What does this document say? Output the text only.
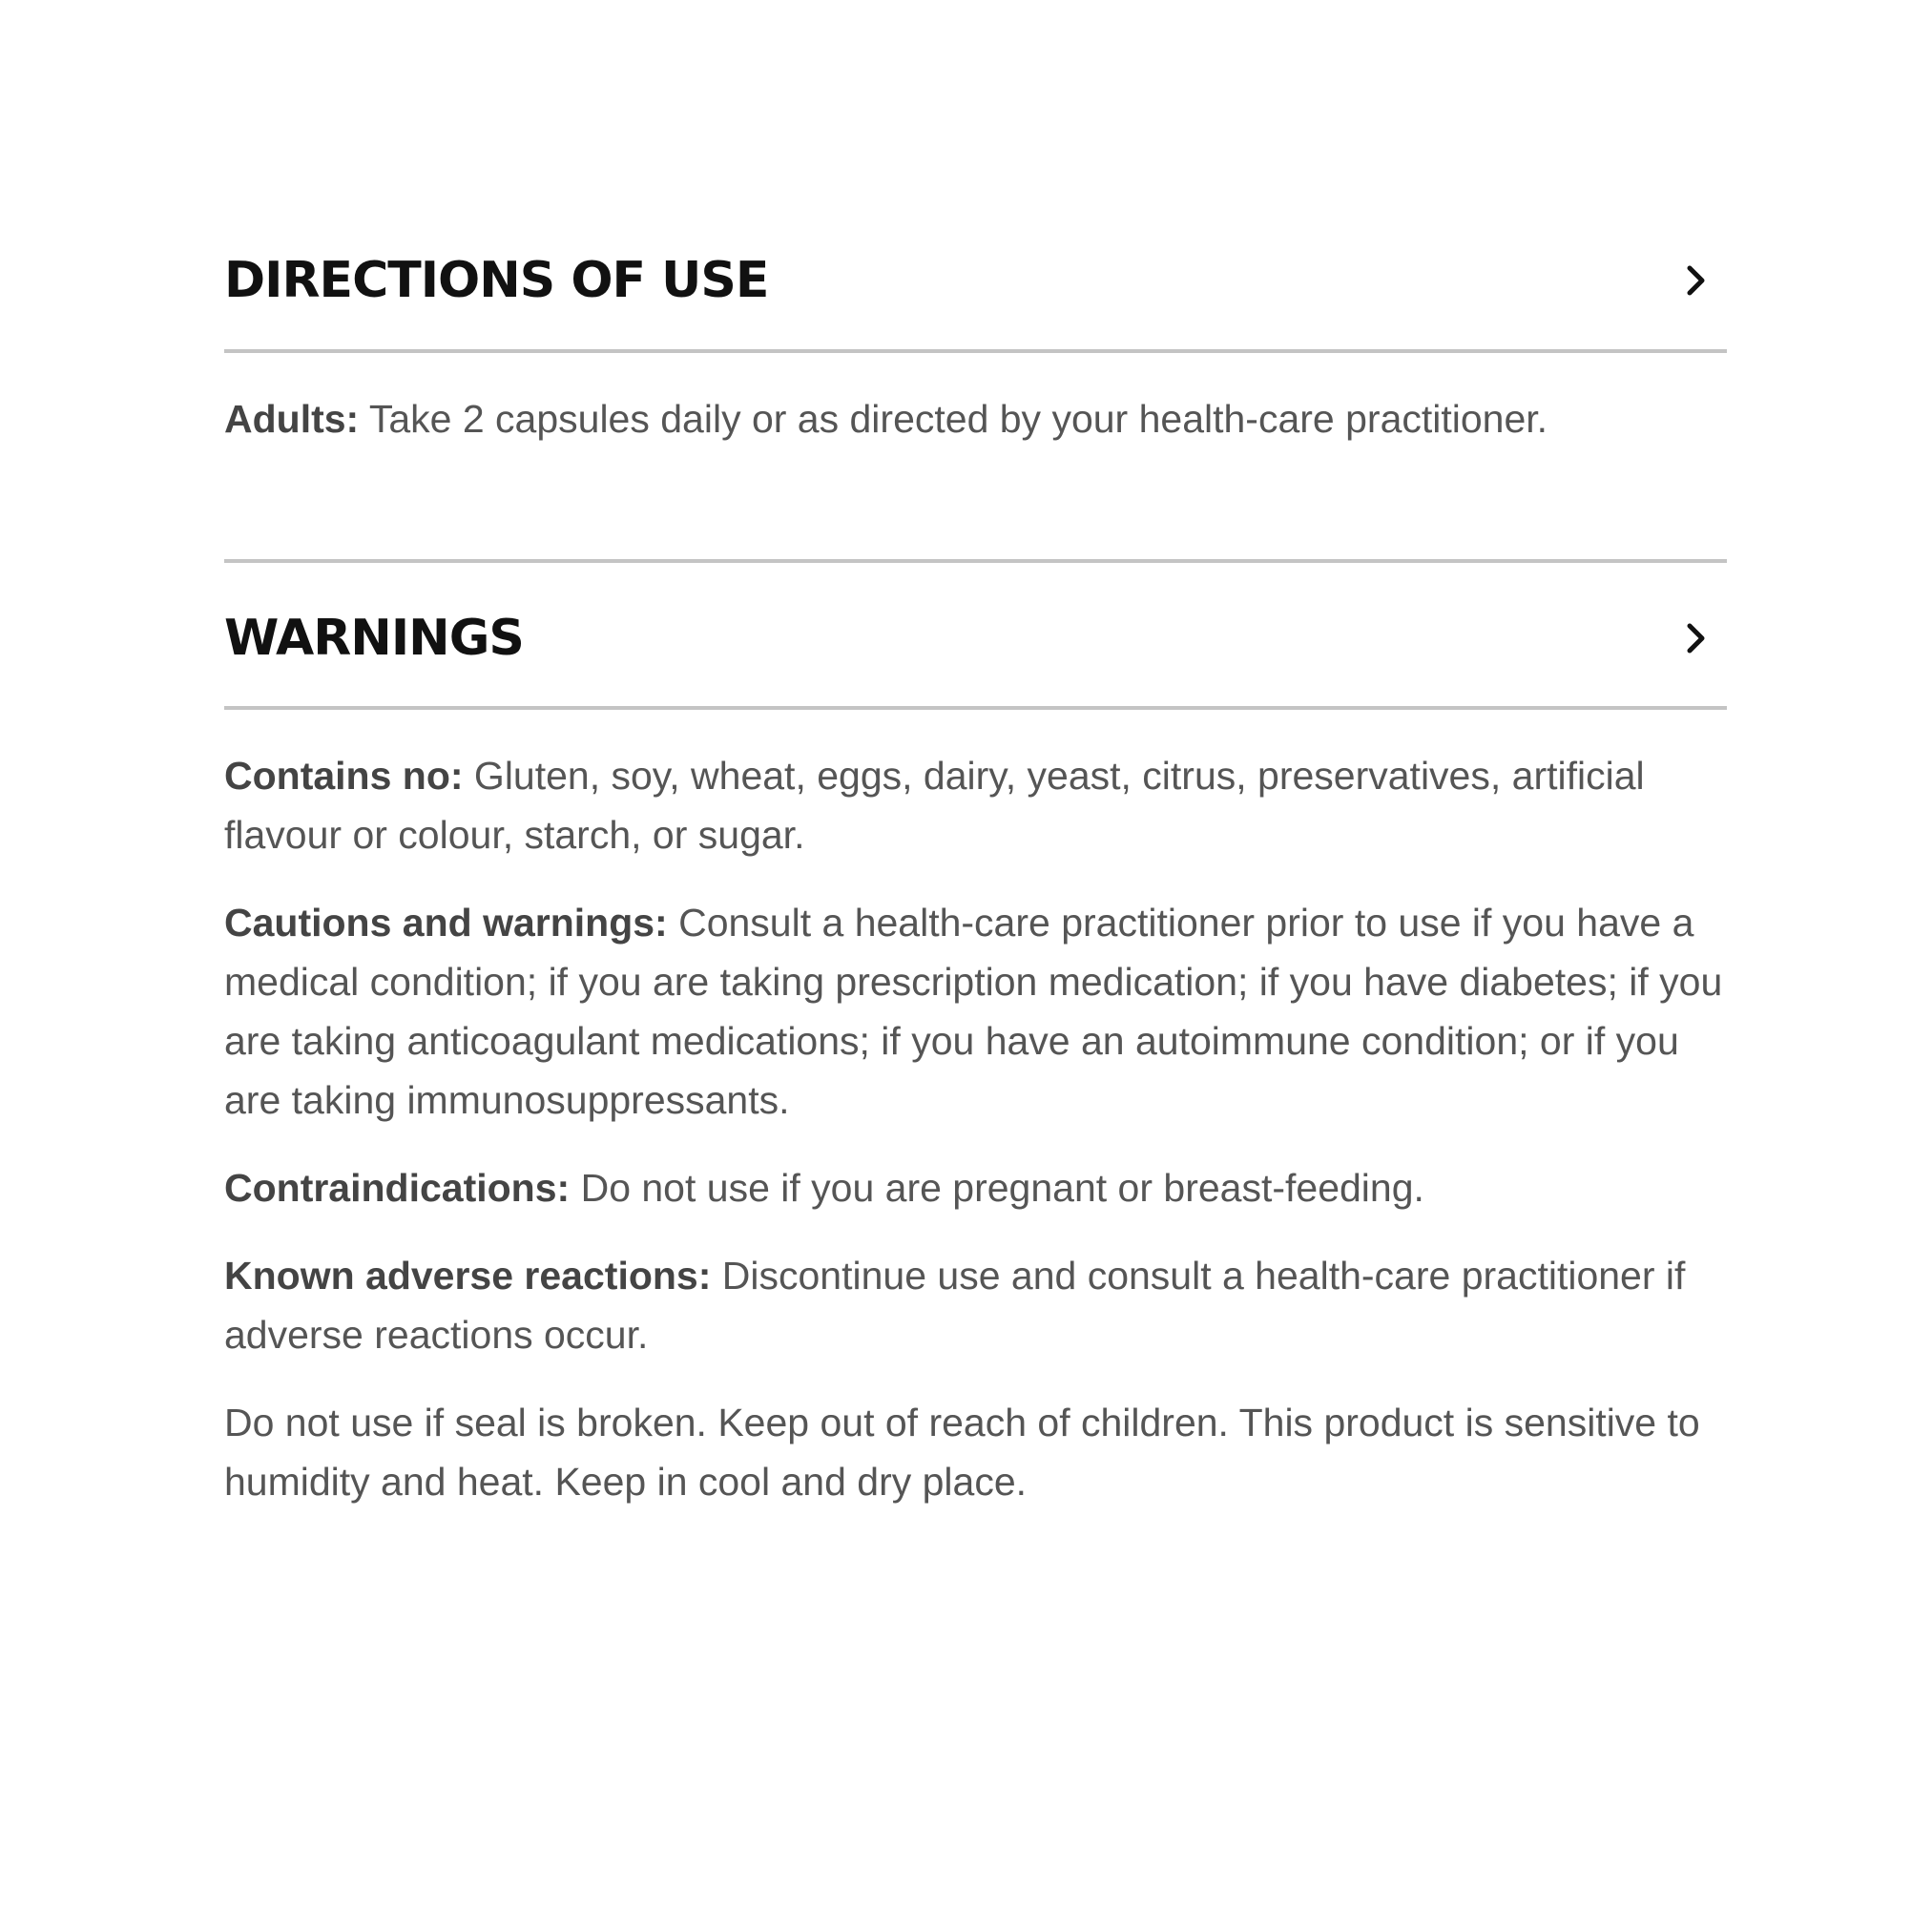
DIRECTIONS OF USE

Adults: Take 2 capsules daily or as directed by your health-care practitioner.

WARNINGS

Contains no: Gluten, soy, wheat, eggs, dairy, yeast, citrus, preservatives, artificial flavour or colour, starch, or sugar.

Cautions and warnings: Consult a health-care practitioner prior to use if you have a medical condition; if you are taking prescription medication; if you have diabetes; if you are taking anticoagulant medications; if you have an autoimmune condition; or if you are taking immunosuppressants.

Contraindications: Do not use if you are pregnant or breast-feeding.

Known adverse reactions: Discontinue use and consult a health-care practitioner if adverse reactions occur.

Do not use if seal is broken. Keep out of reach of children. This product is sensitive to humidity and heat. Keep in cool and dry place.
